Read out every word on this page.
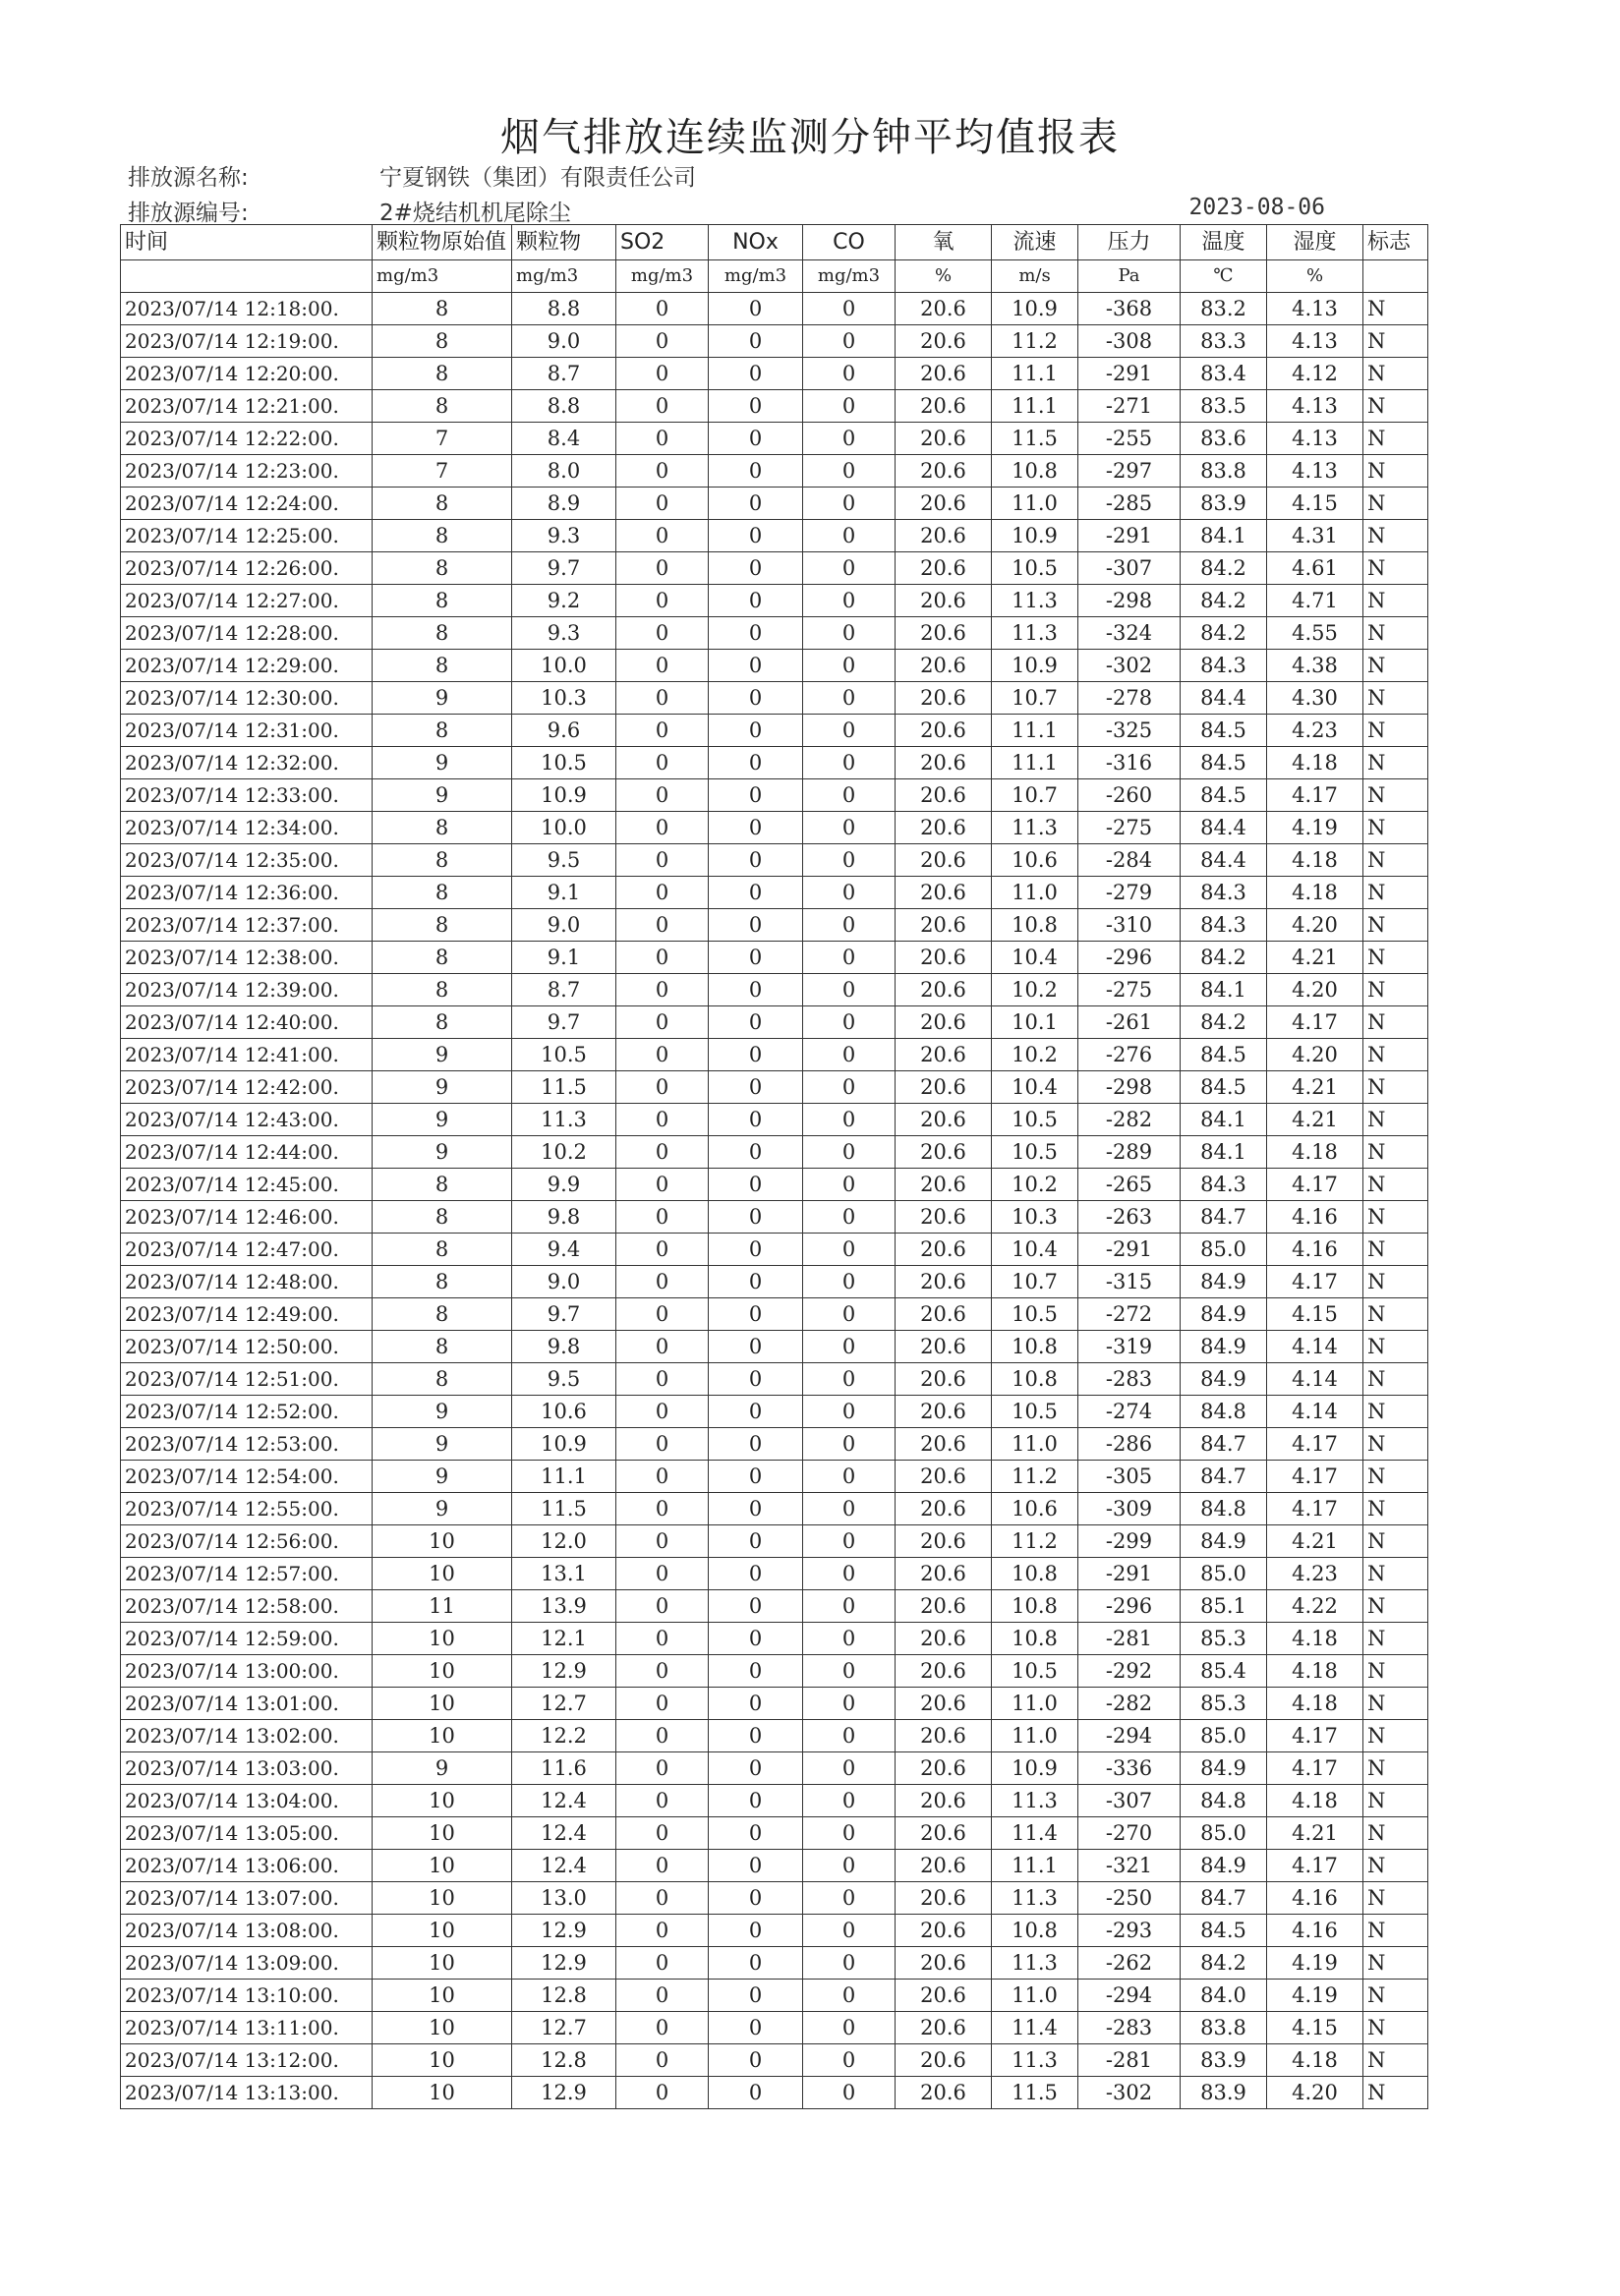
烟气排放连续监测分钟平均值报表
排放源名称:	宁夏钢铁（集团）有限责任公司
排放源编号:	2#烧结机机尾除尘	2023-08-06
时间	颗粒物原始值	颗粒物	SO2	NOx	CO	氧	流速	压力	温度	湿度	标志
	mg/m3	mg/m3	mg/m3	mg/m3	mg/m3	%	m/s	Pa	℃	%	
2023/07/14 12:18:00.	8	8.8	0	0	0	20.6	10.9	-368	83.2	4.13	N
2023/07/14 12:19:00.	8	9.0	0	0	0	20.6	11.2	-308	83.3	4.13	N
2023/07/14 12:20:00.	8	8.7	0	0	0	20.6	11.1	-291	83.4	4.12	N
2023/07/14 12:21:00.	8	8.8	0	0	0	20.6	11.1	-271	83.5	4.13	N
2023/07/14 12:22:00.	7	8.4	0	0	0	20.6	11.5	-255	83.6	4.13	N
2023/07/14 12:23:00.	7	8.0	0	0	0	20.6	10.8	-297	83.8	4.13	N
2023/07/14 12:24:00.	8	8.9	0	0	0	20.6	11.0	-285	83.9	4.15	N
2023/07/14 12:25:00.	8	9.3	0	0	0	20.6	10.9	-291	84.1	4.31	N
2023/07/14 12:26:00.	8	9.7	0	0	0	20.6	10.5	-307	84.2	4.61	N
2023/07/14 12:27:00.	8	9.2	0	0	0	20.6	11.3	-298	84.2	4.71	N
2023/07/14 12:28:00.	8	9.3	0	0	0	20.6	11.3	-324	84.2	4.55	N
2023/07/14 12:29:00.	8	10.0	0	0	0	20.6	10.9	-302	84.3	4.38	N
2023/07/14 12:30:00.	9	10.3	0	0	0	20.6	10.7	-278	84.4	4.30	N
2023/07/14 12:31:00.	8	9.6	0	0	0	20.6	11.1	-325	84.5	4.23	N
2023/07/14 12:32:00.	9	10.5	0	0	0	20.6	11.1	-316	84.5	4.18	N
2023/07/14 12:33:00.	9	10.9	0	0	0	20.6	10.7	-260	84.5	4.17	N
2023/07/14 12:34:00.	8	10.0	0	0	0	20.6	11.3	-275	84.4	4.19	N
2023/07/14 12:35:00.	8	9.5	0	0	0	20.6	10.6	-284	84.4	4.18	N
2023/07/14 12:36:00.	8	9.1	0	0	0	20.6	11.0	-279	84.3	4.18	N
2023/07/14 12:37:00.	8	9.0	0	0	0	20.6	10.8	-310	84.3	4.20	N
2023/07/14 12:38:00.	8	9.1	0	0	0	20.6	10.4	-296	84.2	4.21	N
2023/07/14 12:39:00.	8	8.7	0	0	0	20.6	10.2	-275	84.1	4.20	N
2023/07/14 12:40:00.	8	9.7	0	0	0	20.6	10.1	-261	84.2	4.17	N
2023/07/14 12:41:00.	9	10.5	0	0	0	20.6	10.2	-276	84.5	4.20	N
2023/07/14 12:42:00.	9	11.5	0	0	0	20.6	10.4	-298	84.5	4.21	N
2023/07/14 12:43:00.	9	11.3	0	0	0	20.6	10.5	-282	84.1	4.21	N
2023/07/14 12:44:00.	9	10.2	0	0	0	20.6	10.5	-289	84.1	4.18	N
2023/07/14 12:45:00.	8	9.9	0	0	0	20.6	10.2	-265	84.3	4.17	N
2023/07/14 12:46:00.	8	9.8	0	0	0	20.6	10.3	-263	84.7	4.16	N
2023/07/14 12:47:00.	8	9.4	0	0	0	20.6	10.4	-291	85.0	4.16	N
2023/07/14 12:48:00.	8	9.0	0	0	0	20.6	10.7	-315	84.9	4.17	N
2023/07/14 12:49:00.	8	9.7	0	0	0	20.6	10.5	-272	84.9	4.15	N
2023/07/14 12:50:00.	8	9.8	0	0	0	20.6	10.8	-319	84.9	4.14	N
2023/07/14 12:51:00.	8	9.5	0	0	0	20.6	10.8	-283	84.9	4.14	N
2023/07/14 12:52:00.	9	10.6	0	0	0	20.6	10.5	-274	84.8	4.14	N
2023/07/14 12:53:00.	9	10.9	0	0	0	20.6	11.0	-286	84.7	4.17	N
2023/07/14 12:54:00.	9	11.1	0	0	0	20.6	11.2	-305	84.7	4.17	N
2023/07/14 12:55:00.	9	11.5	0	0	0	20.6	10.6	-309	84.8	4.17	N
2023/07/14 12:56:00.	10	12.0	0	0	0	20.6	11.2	-299	84.9	4.21	N
2023/07/14 12:57:00.	10	13.1	0	0	0	20.6	10.8	-291	85.0	4.23	N
2023/07/14 12:58:00.	11	13.9	0	0	0	20.6	10.8	-296	85.1	4.22	N
2023/07/14 12:59:00.	10	12.1	0	0	0	20.6	10.8	-281	85.3	4.18	N
2023/07/14 13:00:00.	10	12.9	0	0	0	20.6	10.5	-292	85.4	4.18	N
2023/07/14 13:01:00.	10	12.7	0	0	0	20.6	11.0	-282	85.3	4.18	N
2023/07/14 13:02:00.	10	12.2	0	0	0	20.6	11.0	-294	85.0	4.17	N
2023/07/14 13:03:00.	9	11.6	0	0	0	20.6	10.9	-336	84.9	4.17	N
2023/07/14 13:04:00.	10	12.4	0	0	0	20.6	11.3	-307	84.8	4.18	N
2023/07/14 13:05:00.	10	12.4	0	0	0	20.6	11.4	-270	85.0	4.21	N
2023/07/14 13:06:00.	10	12.4	0	0	0	20.6	11.1	-321	84.9	4.17	N
2023/07/14 13:07:00.	10	13.0	0	0	0	20.6	11.3	-250	84.7	4.16	N
2023/07/14 13:08:00.	10	12.9	0	0	0	20.6	10.8	-293	84.5	4.16	N
2023/07/14 13:09:00.	10	12.9	0	0	0	20.6	11.3	-262	84.2	4.19	N
2023/07/14 13:10:00.	10	12.8	0	0	0	20.6	11.0	-294	84.0	4.19	N
2023/07/14 13:11:00.	10	12.7	0	0	0	20.6	11.4	-283	83.8	4.15	N
2023/07/14 13:12:00.	10	12.8	0	0	0	20.6	11.3	-281	83.9	4.18	N
2023/07/14 13:13:00.	10	12.9	0	0	0	20.6	11.5	-302	83.9	4.20	N
